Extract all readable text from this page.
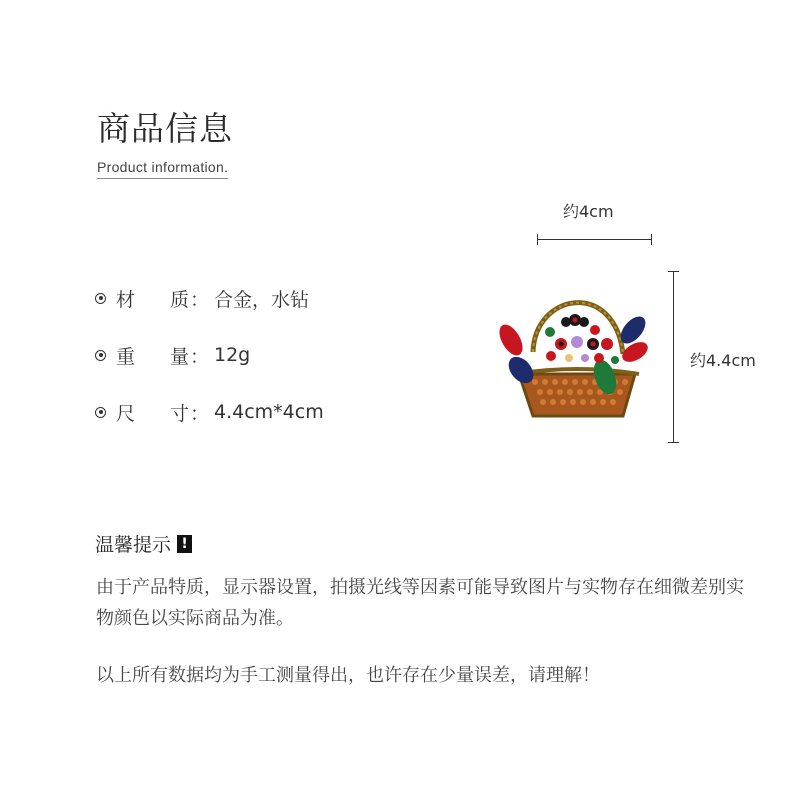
商品信息
Product information.
材	质 ： 合金，水钻
重	量 ： 12g
尺	寸 ： 4.4cm*4cm
约4cm
约4.4cm
温馨提示 !
由于产品特质，显示器设置，拍摄光线等因素可能导致图片与实物存在细微差别实物颜色以实际商品为准。
以上所有数据均为手工测量得出，也许存在少量误差，请理解！
